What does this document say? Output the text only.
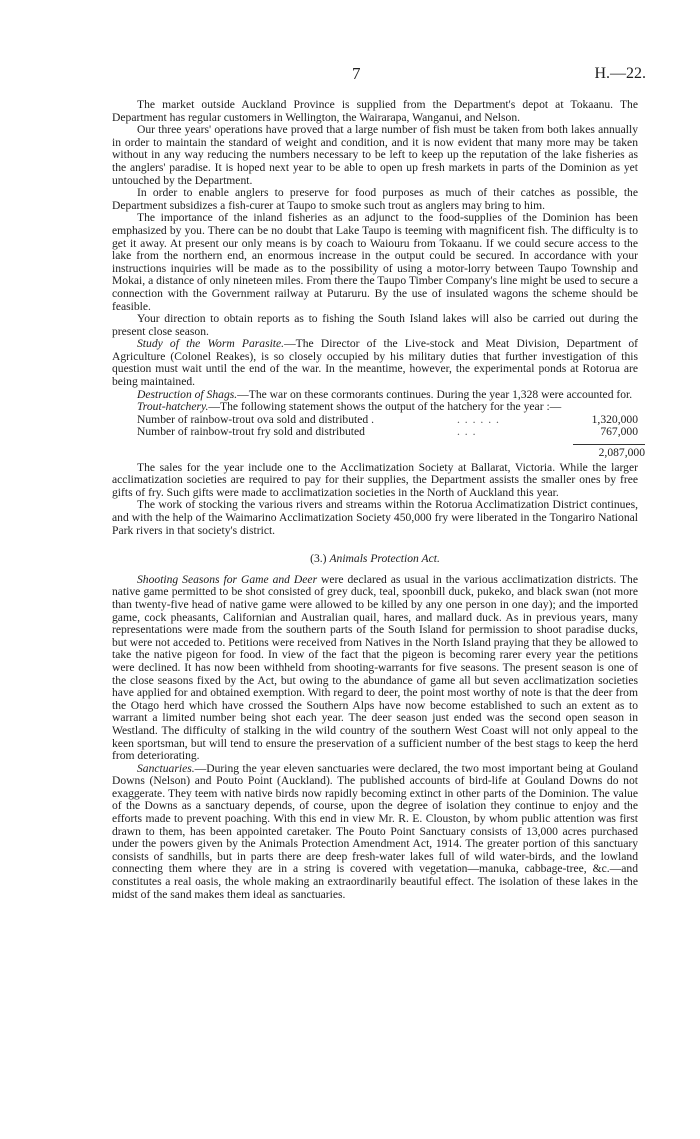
7	H.—22.

The market outside Auckland Province is supplied from the Department's depot at Tokaanu. The Department has regular customers in Wellington, the Wairarapa, Wanganui, and Nelson.

Our three years' operations have proved that a large number of fish must be taken from both lakes annually in order to maintain the standard of weight and condition, and it is now evident that many more may be taken without in any way reducing the numbers necessary to be left to keep up the reputation of the lake fisheries as the anglers' paradise. It is hoped next year to be able to open up fresh markets in parts of the Dominion as yet untouched by the Department.

In order to enable anglers to preserve for food purposes as much of their catches as possible, the Department subsidizes a fish-curer at Taupo to smoke such trout as anglers may bring to him.

The importance of the inland fisheries as an adjunct to the food-supplies of the Dominion has been emphasized by you. There can be no doubt that Lake Taupo is teeming with magnificent fish. The difficulty is to get it away. At present our only means is by coach to Waiouru from Tokaanu. If we could secure access to the lake from the northern end, an enormous increase in the output could be secured. In accordance with your instructions inquiries will be made as to the possibility of using a motor-lorry between Taupo Township and Mokai, a distance of only nineteen miles. From there the Taupo Timber Company's line might be used to secure a connection with the Government railway at Putaruru. By the use of insulated wagons the scheme should be feasible.

Your direction to obtain reports as to fishing the South Island lakes will also be carried out during the present close season.

Study of the Worm Parasite.—The Director of the Live-stock and Meat Division, Department of Agriculture (Colonel Reakes), is so closely occupied by his military duties that further investigation of this question must wait until the end of the war. In the meantime, however, the experimental ponds at Rotorua are being maintained.

Destruction of Shags.—The war on these cormorants continues. During the year 1,328 were accounted for.

Trout-hatchery.—The following statement shows the output of the hatchery for the year :—

Number of rainbow-trout ova sold and distributed .	. . . . . .	1,320,000
Number of rainbow-trout fry sold and distributed	. . .	767,000
2,087,000

The sales for the year include one to the Acclimatization Society at Ballarat, Victoria. While the larger acclimatization societies are required to pay for their supplies, the Department assists the smaller ones by free gifts of fry. Such gifts were made to acclimatization societies in the North of Auckland this year.

The work of stocking the various rivers and streams within the Rotorua Acclimatization District continues, and with the help of the Waimarino Acclimatization Society 450,000 fry were liberated in the Tongariro National Park rivers in that society's district.

(3.) Animals Protection Act.

Shooting Seasons for Game and Deer were declared as usual in the various acclimatization districts. The native game permitted to be shot consisted of grey duck, teal, spoonbill duck, pukeko, and black swan (not more than twenty-five head of native game were allowed to be killed by any one person in one day); and the imported game, cock pheasants, Californian and Australian quail, hares, and mallard duck. As in previous years, many representations were made from the southern parts of the South Island for permission to shoot paradise ducks, but were not acceded to. Petitions were received from Natives in the North Island praying that they be allowed to take the native pigeon for food. In view of the fact that the pigeon is becoming rarer every year the petitions were declined. It has now been withheld from shooting-warrants for five seasons. The present season is one of the close seasons fixed by the Act, but owing to the abundance of game all but seven acclimatization societies have applied for and obtained exemption. With regard to deer, the point most worthy of note is that the deer from the Otago herd which have crossed the Southern Alps have now become established to such an extent as to warrant a limited number being shot each year. The deer season just ended was the second open season in Westland. The difficulty of stalking in the wild country of the southern West Coast will not only appeal to the keen sportsman, but will tend to ensure the preservation of a sufficient number of the best stags to keep the herd from deteriorating.

Sanctuaries.—During the year eleven sanctuaries were declared, the two most important being at Gouland Downs (Nelson) and Pouto Point (Auckland). The published accounts of bird-life at Gouland Downs do not exaggerate. They teem with native birds now rapidly becoming extinct in other parts of the Dominion. The value of the Downs as a sanctuary depends, of course, upon the degree of isolation they continue to enjoy and the efforts made to prevent poaching. With this end in view Mr. R. E. Clouston, by whom public attention was first drawn to them, has been appointed caretaker. The Pouto Point Sanctuary consists of 13,000 acres purchased under the powers given by the Animals Protection Amendment Act, 1914. The greater portion of this sanctuary consists of sandhills, but in parts there are deep fresh-water lakes full of wild water-birds, and the lowland connecting them where they are in a string is covered with vegetation—manuka, cabbage-tree, &c.—and constitutes a real oasis, the whole making an extraordinarily beautiful effect. The isolation of these lakes in the midst of the sand makes them ideal as sanctuaries.
